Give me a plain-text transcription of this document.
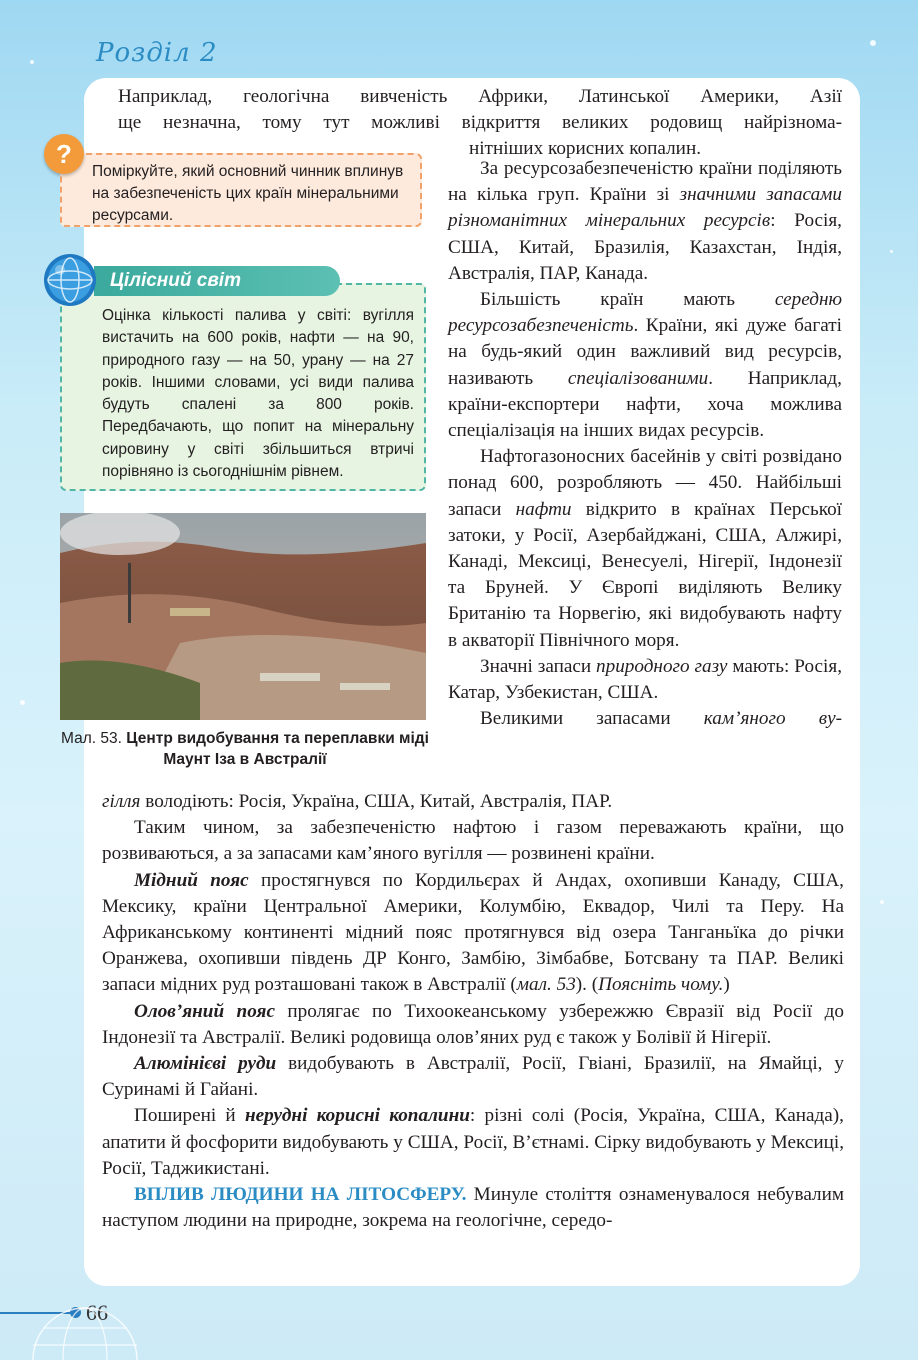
Розділ 2

Наприклад, геологічна вивченість Африки, Латинської Америки, Азії

ще незначна, тому тут можливі відкриття великих родовищ найрізнома-

нітніших корисних копалин.

Поміркуйте, який основний чинник вплинув на забезпеченість цих країн мінеральними ресурсами.
?
Оцінка кількості палива у світі: вугілля вистачить на 600 років, нафти — на 90, природного газу — на 50, урану — на 27 років. Іншими словами, усі види палива будуть спалені за 800 років. Передбачають, що попит на мінеральну сировину у світі збільшиться втричі порівняно із сьогоднішнім рівнем.
Цілісний світ
Мал. 53. Центр видобування та переплавки міді Маунт Іза в Австралії

За ресурсозабезпеченістю країни поділяють на кілька груп. Країни зі значними запасами різноманітних мінеральних ресурсів: Росія, США, Китай, Бразилія, Казахстан, Індія, Австралія, ПАР, Канада.

Більшість країн мають середню ресурсозабезпеченість. Країни, які дуже багаті на будь-який один важливий вид ресурсів, називають спеціалізованими. Наприклад, країни-експортери нафти, хоча можлива спеціалізація на інших видах ресурсів.

Нафтогазоносних басейнів у світі розвідано понад 600, розробляють — 450. Найбільші запаси нафти відкрито в країнах Перської затоки, у Росії, Азербайджані, США, Алжирі, Канаді, Мексиці, Венесуелі, Нігерії, Індонезії та Бруней. У Європі виділяють Велику Британію та Норвегію, які видобувають нафту в акваторії Північного моря.

Значні запаси природного газу мають: Росія, Катар, Узбекистан, США.

Великими запасами кам’яного ву-

гілля володіють: Росія, Україна, США, Китай, Австралія, ПАР.

Таким чином, за забезпеченістю нафтою і газом переважають країни, що розвиваються, а за запасами кам’яного вугілля — розвинені країни.

Мідний пояс простягнувся по Кордильєрах й Андах, охопивши Канаду, США, Мексику, країни Центральної Америки, Колумбію, Еквадор, Чилі та Перу. На Африканському континенті мідний пояс протягнувся від озера Танганьїка до річки Оранжева, охопивши південь ДР Конго, Замбію, Зімбабве, Ботсвану та ПАР. Великі запаси мідних руд розташовані також в Австралії (мал. 53). (Поясніть чому.)

Олов’яний пояс пролягає по Тихоокеанському узбережжю Євразії від Росії до Індонезії та Австралії. Великі родовища олов’яних руд є також у Болівії й Нігерії.

Алюмінієві руди видобувають в Австралії, Росії, Гвіані, Бразилії, на Ямайці, у Суринамі й Гайані.

Поширені й нерудні корисні копалини: різні солі (Росія, Україна, США, Канада), апатити й фосфорити видобувають у США, Росії, В’єтнамі. Сірку видобувають у Мексиці, Росії, Таджикистані.

ВПЛИВ ЛЮДИНИ НА ЛІТОСФЕРУ. Минуле століття ознаменувалося небувалим наступом людини на природне, зокрема на геологічне, середо-

66
